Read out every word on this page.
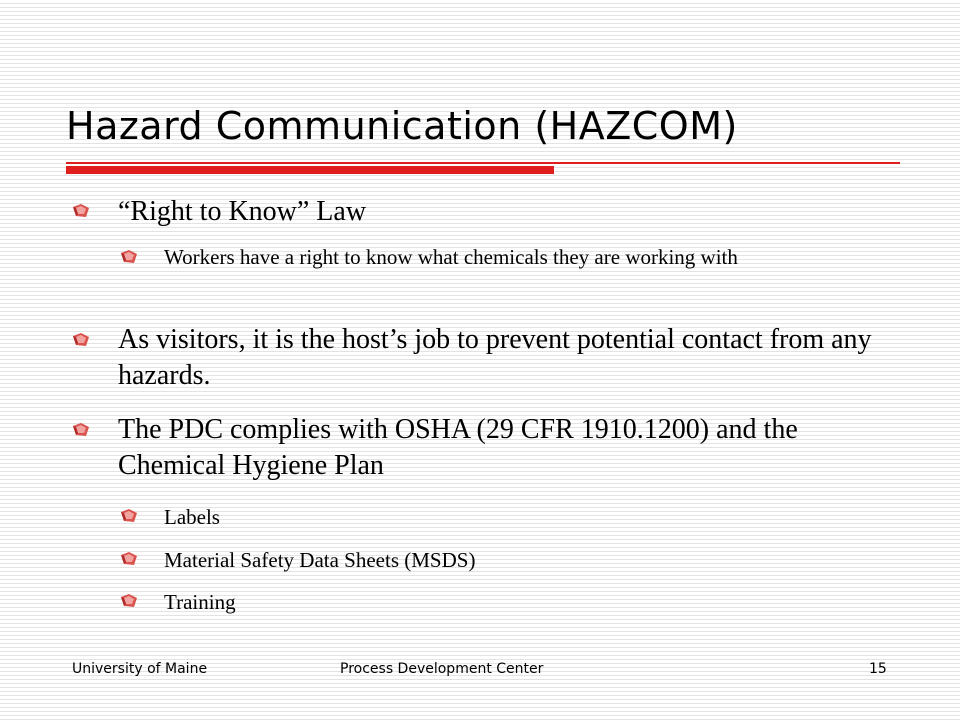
Hazard Communication (HAZCOM)
“Right to Know” Law
Workers have a right to know what chemicals they are working with
As visitors, it is the host’s job to prevent potential contact from any hazards.
The PDC complies with OSHA (29 CFR 1910.1200) and the Chemical Hygiene Plan
Labels
Material Safety Data Sheets (MSDS)
Training
University of Maine	Process Development Center	15
